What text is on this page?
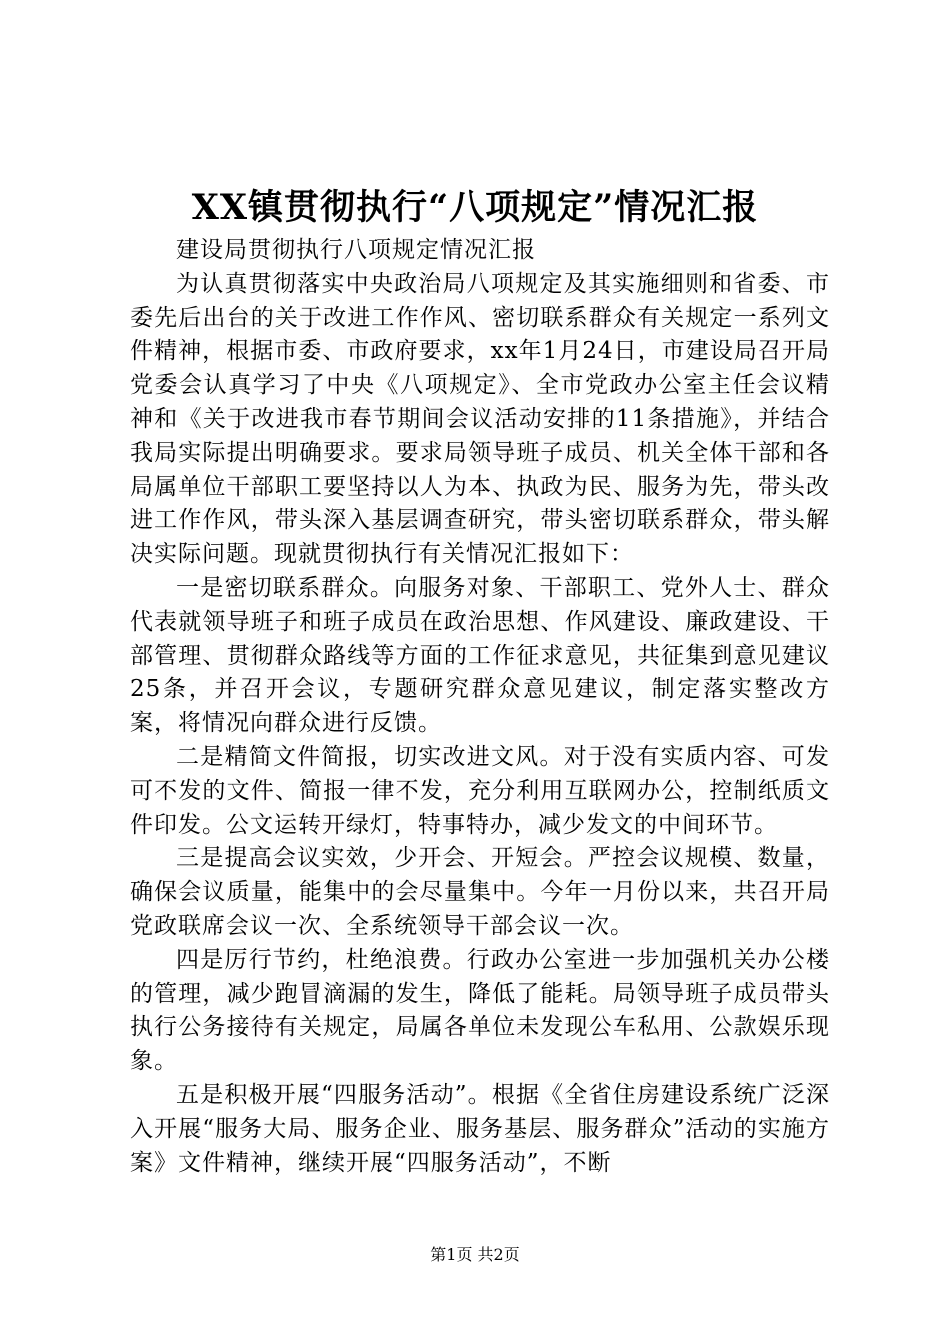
XX镇贯彻执行“八项规定”情况汇报

建设局贯彻执行八项规定情况汇报

为认真贯彻落实中央政治局八项规定及其实施细则和省委、市委先后出台的关于改进工作作风、密切联系群众有关规定一系列文件精神，根据市委、市政府要求，xx年1月24日，市建设局召开局党委会认真学习了中央《八项规定》、全市党政办公室主任会议精神和《关于改进我市春节期间会议活动安排的11条措施》，并结合我局实际提出明确要求。要求局领导班子成员、机关全体干部和各局属单位干部职工要坚持以人为本、执政为民、服务为先，带头改进工作作风，带头深入基层调查研究，带头密切联系群众，带头解决实际问题。现就贯彻执行有关情况汇报如下：

一是密切联系群众。向服务对象、干部职工、党外人士、群众代表就领导班子和班子成员在政治思想、作风建设、廉政建设、干部管理、贯彻群众路线等方面的工作征求意见，共征集到意见建议25条，并召开会议，专题研究群众意见建议，制定落实整改方案，将情况向群众进行反馈。

二是精简文件简报，切实改进文风。对于没有实质内容、可发可不发的文件、简报一律不发，充分利用互联网办公，控制纸质文件印发。公文运转开绿灯，特事特办，减少发文的中间环节。

三是提高会议实效，少开会、开短会。严控会议规模、数量，确保会议质量，能集中的会尽量集中。今年一月份以来，共召开局党政联席会议一次、全系统领导干部会议一次。

四是厉行节约，杜绝浪费。行政办公室进一步加强机关办公楼的管理，减少跑冒滴漏的发生，降低了能耗。局领导班子成员带头执行公务接待有关规定，局属各单位未发现公车私用、公款娱乐现象。

五是积极开展“四服务活动”。根据《全省住房建设系统广泛深入开展“服务大局、服务企业、服务基层、服务群众”活动的实施方案》文件精神，继续开展“四服务活动”，不断

第1页 共2页
